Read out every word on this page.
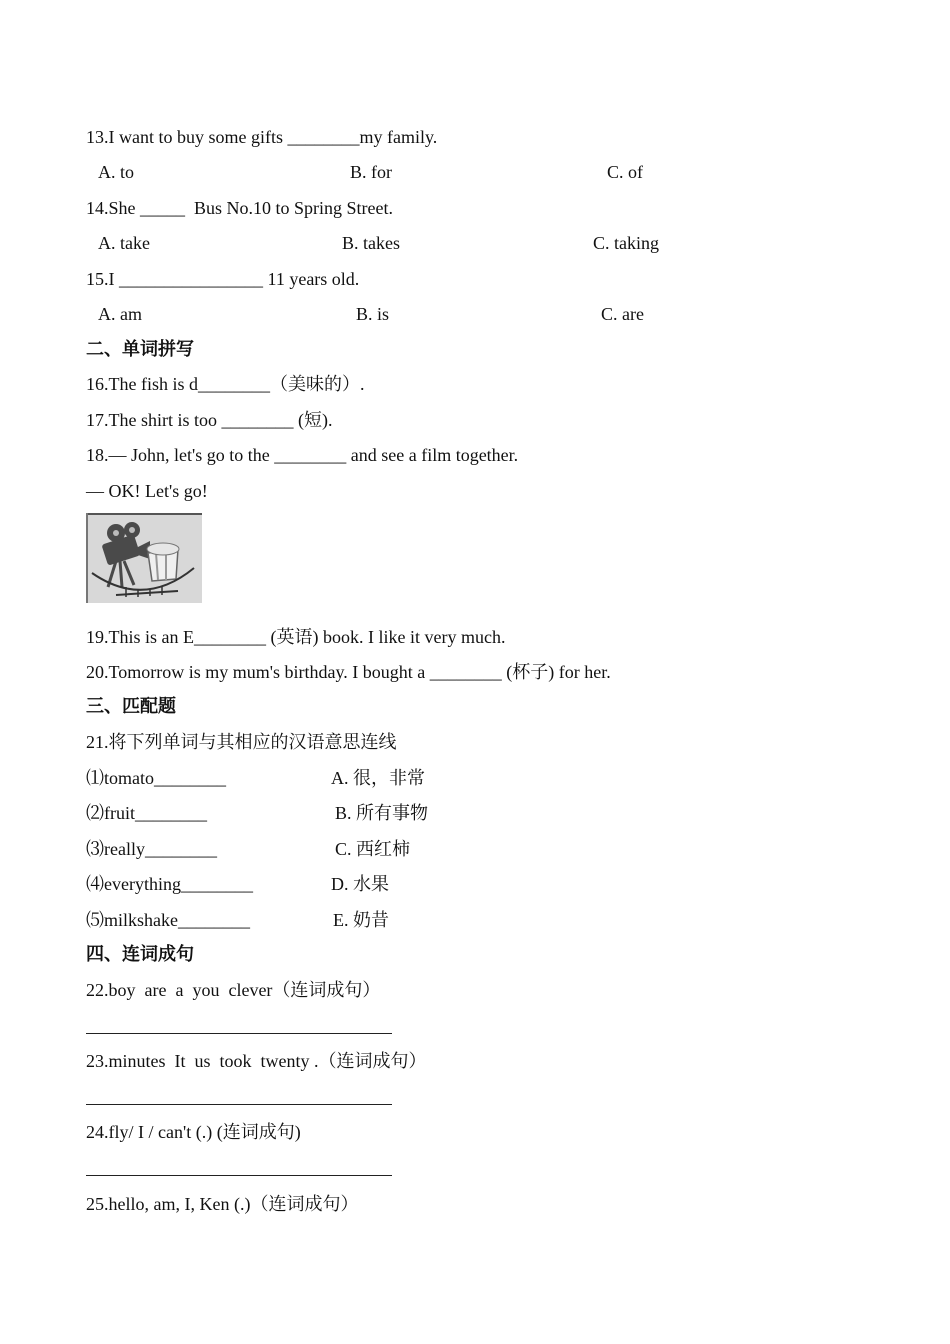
13.I want to buy some gifts ________my family.
A. to	B. for	C. of
14.She _____  Bus No.10 to Spring Street.
A. take	B. takes	C. taking
15.I ________________ 11 years old.
A. am	B. is	C. are
二、单词拼写
16.The fish is d________（美味的）.
17.The shirt is too ________ (短).
18.— John, let's go to the ________ and see a film together.
— OK! Let's go!
19.This is an E________ (英语) book. I like it very much.
20.Tomorrow is my mum's birthday. I bought a ________ (杯子) for her.
三、匹配题
21.将下列单词与其相应的汉语意思连线
⑴tomato________	A. 很，非常
⑵fruit________	B. 所有事物
⑶really________	C. 西红柿
⑷everything________	D. 水果
⑸milkshake________	E. 奶昔
四、连词成句
22.boy  are  a  you  clever（连词成句）
23.minutes  It  us  took  twenty .（连词成句）
24.fly/ I / can't (.) (连词成句)
25.hello, am, I, Ken (.)（连词成句）
